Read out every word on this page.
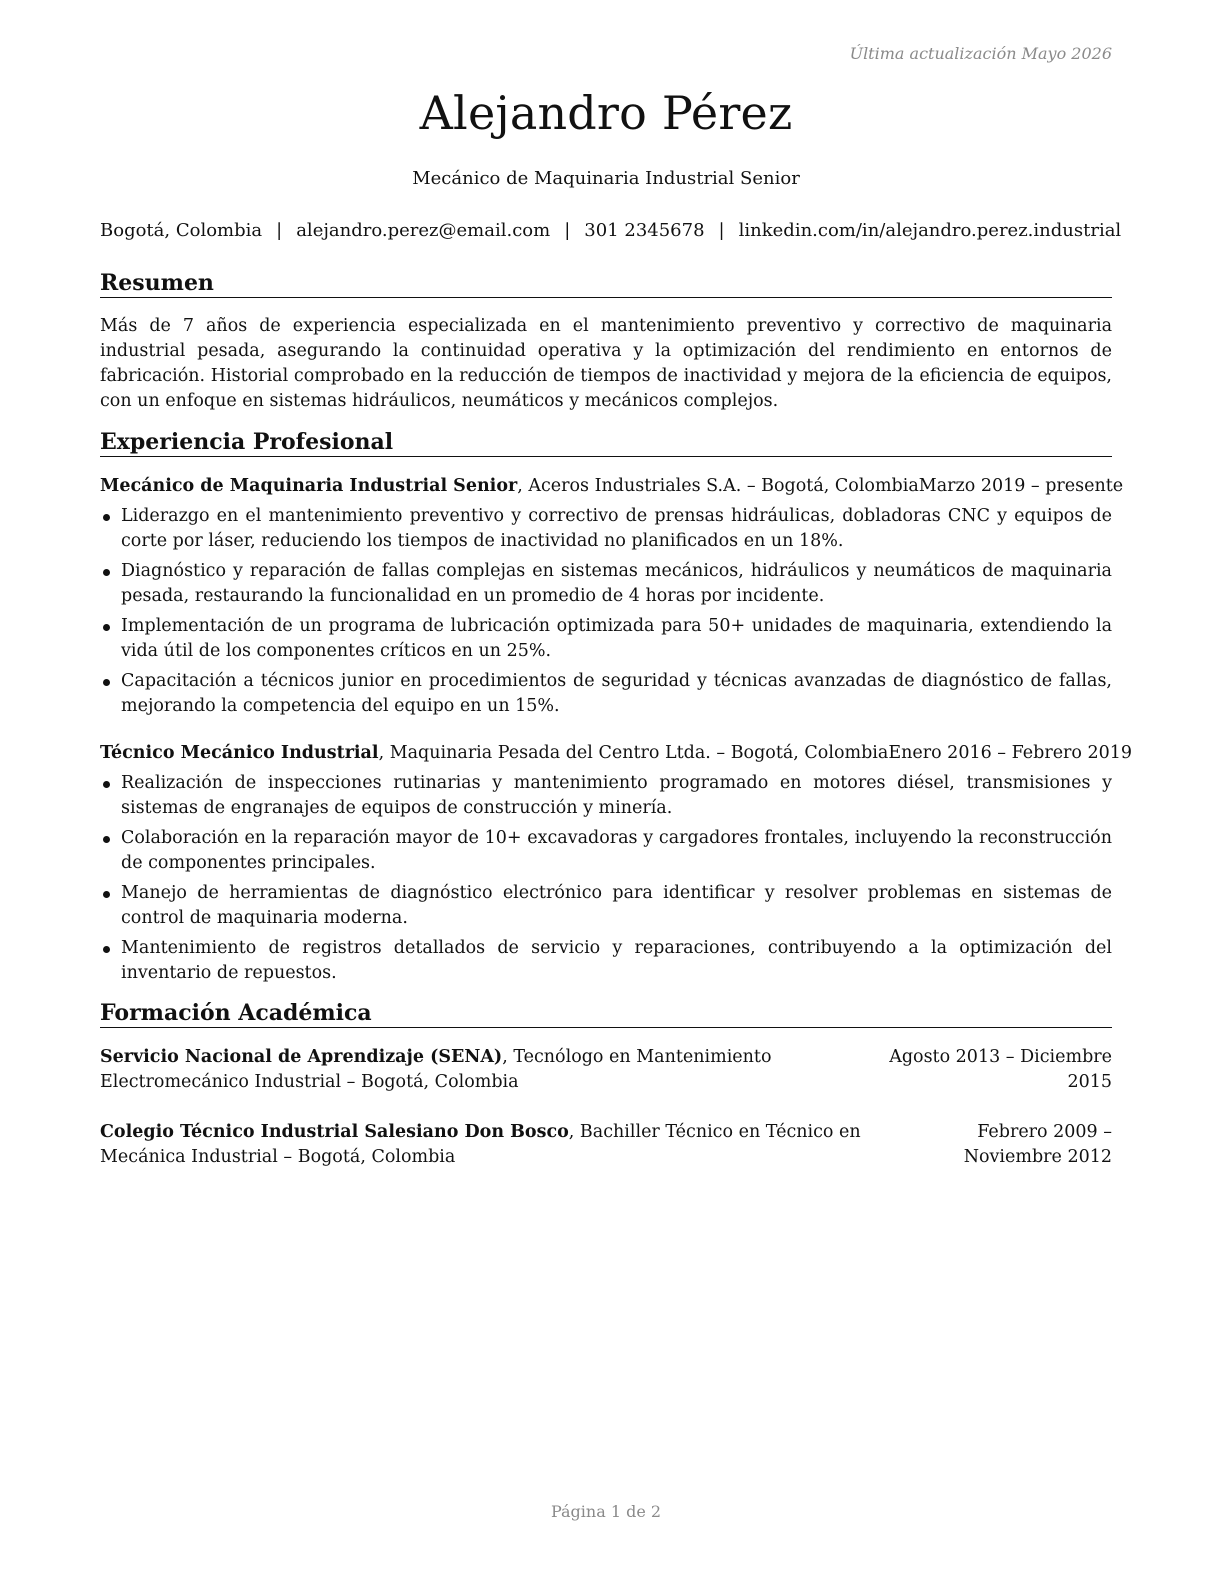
Última actualización Mayo 2026
Alejandro Pérez
Mecánico de Maquinaria Industrial Senior
Bogotá, Colombia | alejandro.perez@email.com | 301 2345678 | linkedin.com/in/alejandro.perez.industrial
Resumen
Más de 7 años de experiencia especializada en el mantenimiento preventivo y correctivo de maquinaria industrial pesada, asegurando la continuidad operativa y la optimización del rendimiento en entornos de fabricación. Historial comprobado en la reducción de tiempos de inactividad y mejora de la eficiencia de equipos, con un enfoque en sistemas hidráulicos, neumáticos y mecánicos complejos.
Experiencia Profesional
Mecánico de Maquinaria Industrial Senior, Aceros Industriales S.A. – Bogotá, Colombia Marzo 2019 – presente
Liderazgo en el mantenimiento preventivo y correctivo de prensas hidráulicas, dobladoras CNC y equipos de corte por láser, reduciendo los tiempos de inactividad no planificados en un 18%.
Diagnóstico y reparación de fallas complejas en sistemas mecánicos, hidráulicos y neumáticos de maquinaria pesada, restaurando la funcionalidad en un promedio de 4 horas por incidente.
Implementación de un programa de lubricación optimizada para 50+ unidades de maquinaria, extendiendo la vida útil de los componentes críticos en un 25%.
Capacitación a técnicos junior en procedimientos de seguridad y técnicas avanzadas de diagnóstico de fallas, mejorando la competencia del equipo en un 15%.
Técnico Mecánico Industrial, Maquinaria Pesada del Centro Ltda. – Bogotá, Colombia Enero 2016 – Febrero 2019
Realización de inspecciones rutinarias y mantenimiento programado en motores diésel, transmisiones y sistemas de engranajes de equipos de construcción y minería.
Colaboración en la reparación mayor de 10+ excavadoras y cargadores frontales, incluyendo la reconstrucción de componentes principales.
Manejo de herramientas de diagnóstico electrónico para identificar y resolver problemas en sistemas de control de maquinaria moderna.
Mantenimiento de registros detallados de servicio y reparaciones, contribuyendo a la optimización del inventario de repuestos.
Formación Académica
Servicio Nacional de Aprendizaje (SENA), Tecnólogo en Mantenimiento Electromecánico Industrial – Bogotá, Colombia
Agosto 2013 – Diciembre 2015
Colegio Técnico Industrial Salesiano Don Bosco, Bachiller Técnico en Técnico en Mecánica Industrial – Bogotá, Colombia
Febrero 2009 – Noviembre 2012
Página 1 de 2
